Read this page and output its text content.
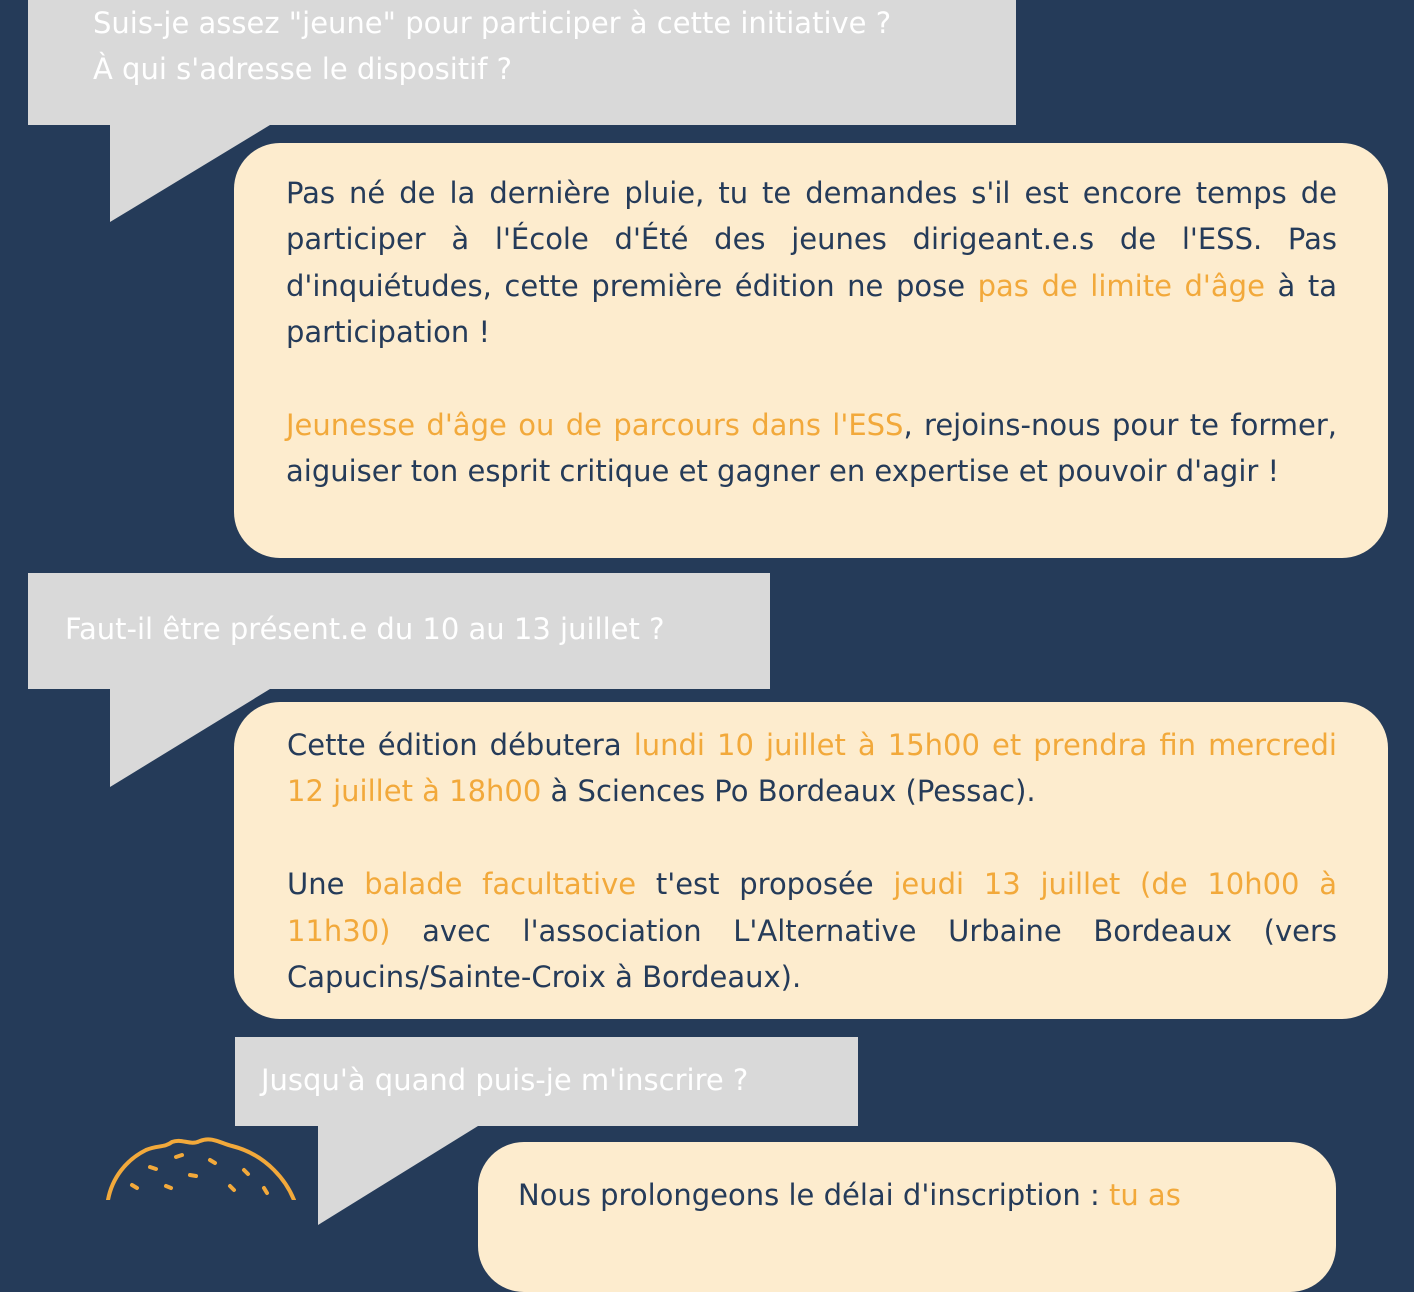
Suis-je assez "jeune" pour participer à cette initiative ?
À qui s'adresse le dispositif ?

Pas né de la dernière pluie, tu te demandes s'il est encore temps de participer à l'École d'Été des jeunes dirigeant.e.s de l'ESS. Pas d'inquiétudes, cette première édition ne pose pas de limite d'âge à ta participation !

Jeunesse d'âge ou de parcours dans l'ESS, rejoins-nous pour te former, aiguiser ton esprit critique et gagner en expertise et pouvoir d'agir !

Faut-il être présent.e du 10 au 13 juillet ?

Cette édition débutera lundi 10 juillet à 15h00 et prendra fin mercredi 12 juillet à 18h00 à Sciences Po Bordeaux (Pessac).

Une balade facultative t'est proposée jeudi 13 juillet (de 10h00 à 11h30) avec l'association L'Alternative Urbaine Bordeaux (vers Capucins/Sainte-Croix à Bordeaux).

Jusqu'à quand puis-je m'inscrire ?

Nous prolongeons le délai d'inscription : tu as
